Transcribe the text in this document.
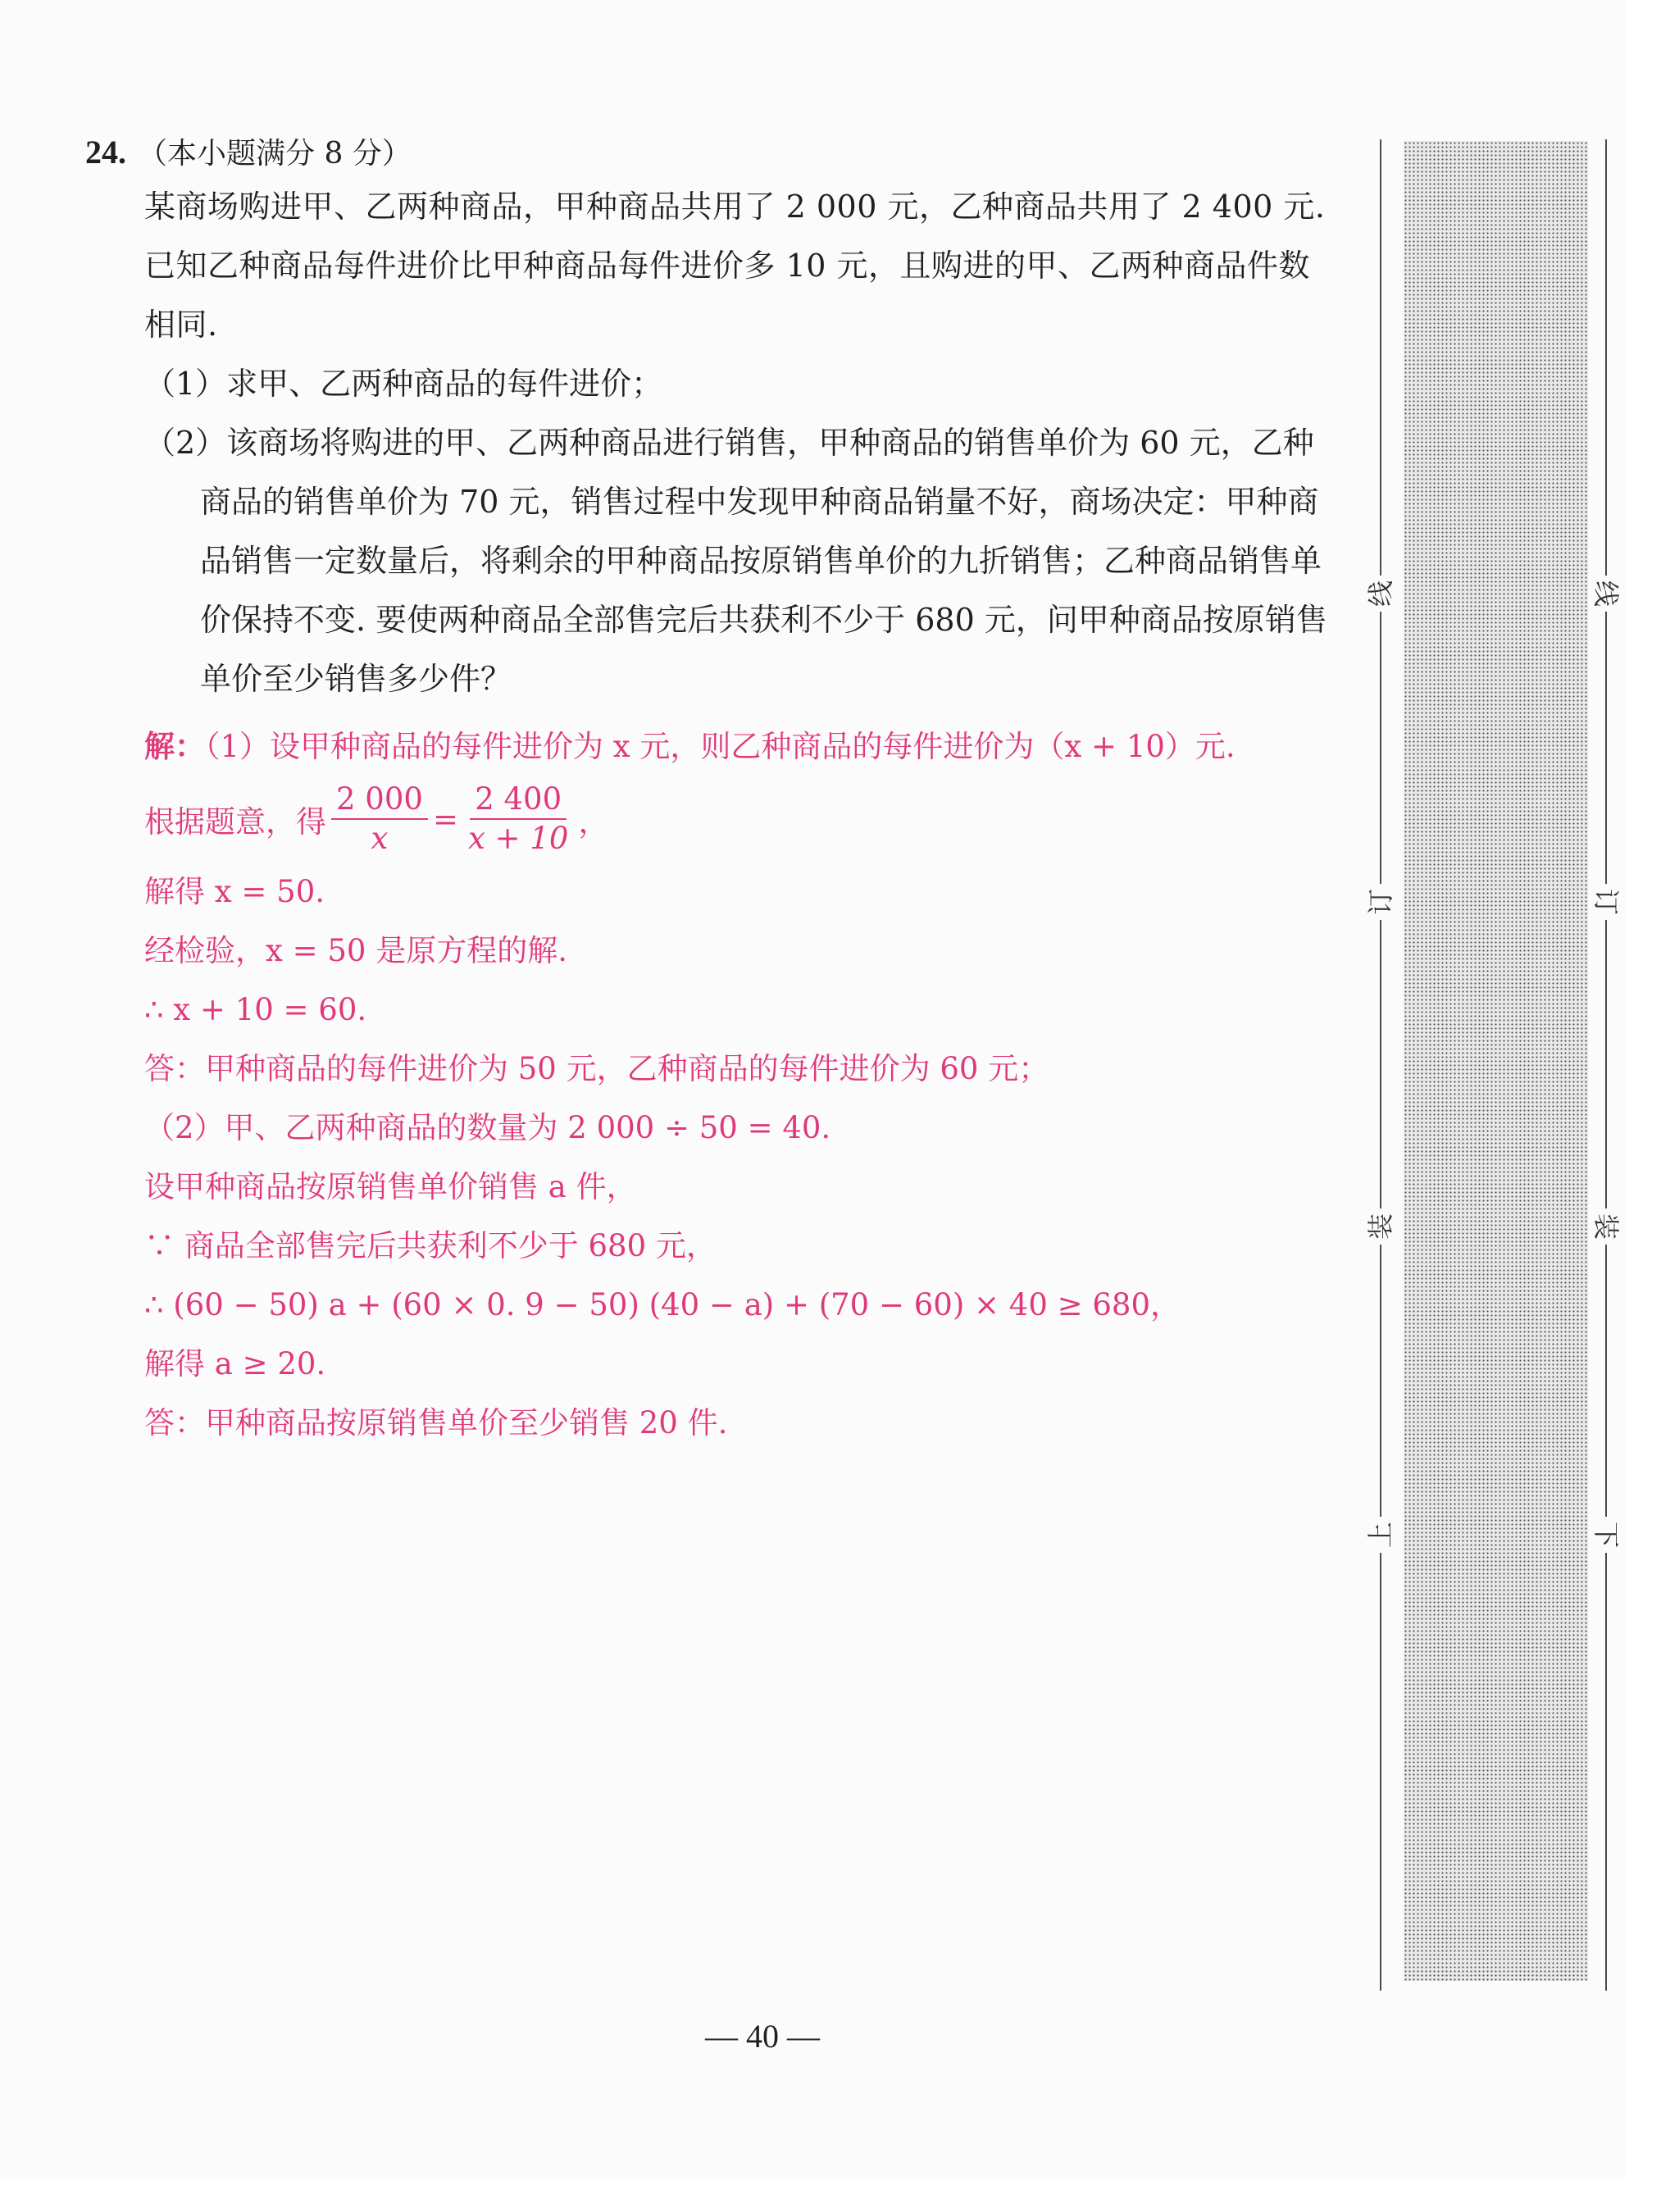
24. （本小题满分 8 分）
某商场购进甲、乙两种商品，甲种商品共用了 2 000 元，乙种商品共用了 2 400 元. 已知乙种商品每件进价比甲种商品每件进价多 10 元，且购进的甲、乙两种商品件数相同.
（1）求甲、乙两种商品的每件进价；
（2）该商场将购进的甲、乙两种商品进行销售，甲种商品的销售单价为 60 元，乙种商品的销售单价为 70 元，销售过程中发现甲种商品销量不好，商场决定：甲种商品销售一定数量后，将剩余的甲种商品按原销售单价的九折销售；乙种商品销售单价保持不变. 要使两种商品全部售完后共获利不少于 680 元，问甲种商品按原销售单价至少销售多少件？
解：（1）设甲种商品的每件进价为 x 元，则乙种商品的每件进价为（x + 10）元.
根据题意，得 $\frac{2 000}{x} = \frac{2 400}{x + 10}$ ，
解得 x = 50.
经检验，x = 50 是原方程的解.
∴ x + 10 = 60.
答：甲种商品的每件进价为 50 元，乙种商品的每件进价为 60 元；
（2）甲、乙两种商品的数量为 2 000 ÷ 50 = 40.
设甲种商品按原销售单价销售 a 件，
∵ 商品全部售完后共获利不少于 680 元，
∴ (60 − 50) a + (60 × 0. 9 − 50) (40 − a) + (70 − 60) × 40 ≥ 680，
解得 a ≥ 20.
答：甲种商品按原销售单价至少销售 20 件.
线
订
装
上
线
订
装
下
— 40 —
